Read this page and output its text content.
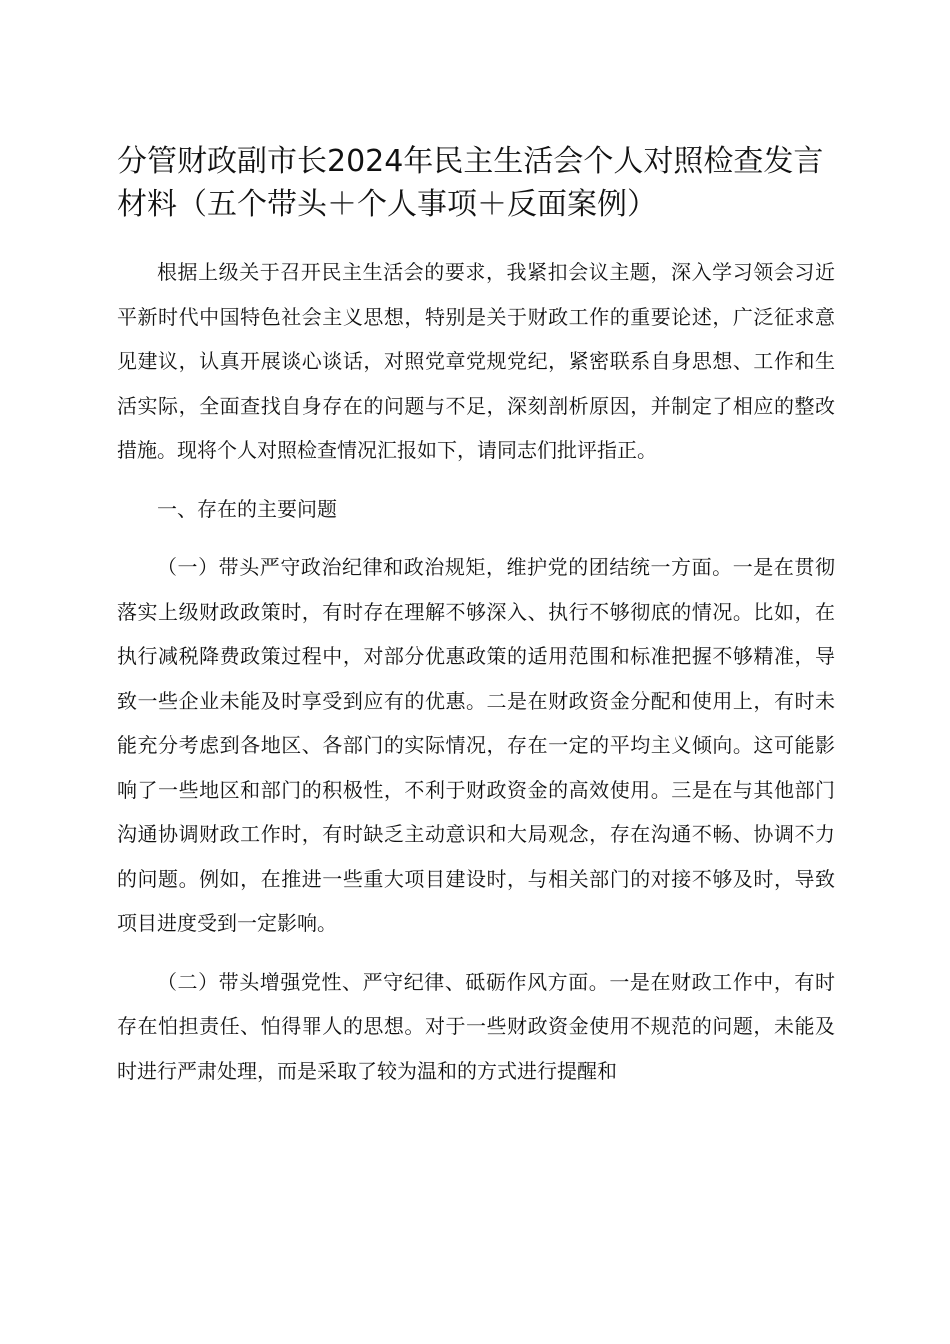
分管财政副市长2024年民主生活会个人对照检查发言材料（五个带头＋个人事项＋反面案例）

根据上级关于召开民主生活会的要求，我紧扣会议主题，深入学习领会习近平新时代中国特色社会主义思想，特别是关于财政工作的重要论述，广泛征求意见建议，认真开展谈心谈话，对照党章党规党纪，紧密联系自身思想、工作和生活实际，全面查找自身存在的问题与不足，深刻剖析原因，并制定了相应的整改措施。现将个人对照检查情况汇报如下，请同志们批评指正。

一、存在的主要问题

（一）带头严守政治纪律和政治规矩，维护党的团结统一方面。一是在贯彻落实上级财政政策时，有时存在理解不够深入、执行不够彻底的情况。比如，在执行减税降费政策过程中，对部分优惠政策的适用范围和标准把握不够精准，导致一些企业未能及时享受到应有的优惠。二是在财政资金分配和使用上，有时未能充分考虑到各地区、各部门的实际情况，存在一定的平均主义倾向。这可能影响了一些地区和部门的积极性，不利于财政资金的高效使用。三是在与其他部门沟通协调财政工作时，有时缺乏主动意识和大局观念，存在沟通不畅、协调不力的问题。例如，在推进一些重大项目建设时，与相关部门的对接不够及时，导致项目进度受到一定影响。

（二）带头增强党性、严守纪律、砥砺作风方面。一是在财政工作中，有时存在怕担责任、怕得罪人的思想。对于一些财政资金使用不规范的问题，未能及时进行严肃处理，而是采取了较为温和的方式进行提醒和
